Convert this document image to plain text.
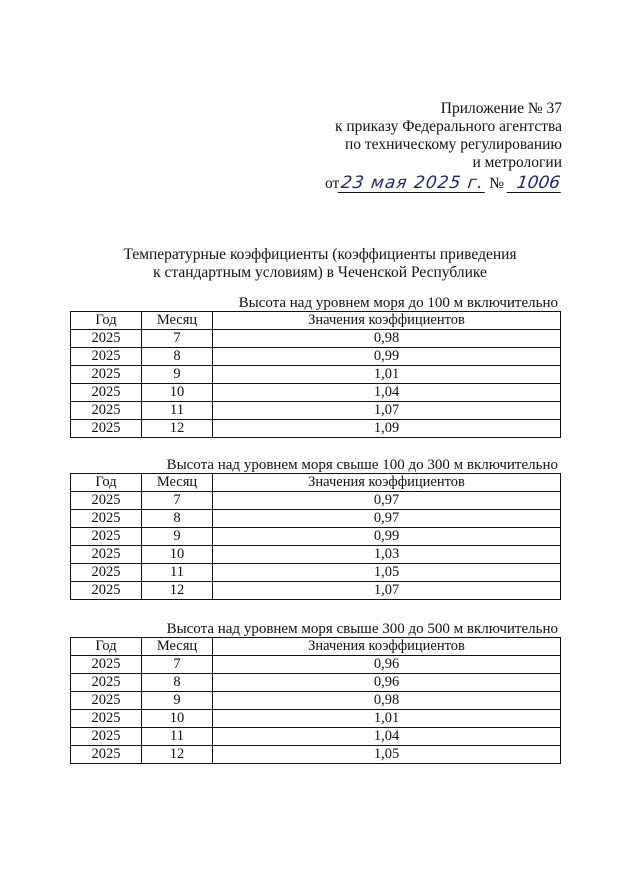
Приложение № 37
к приказу Федерального агентства
по техническому регулированию
и метрологии
от 23 мая 2025 г. № 1006
Температурные коэффициенты (коэффициенты приведения
к стандартным условиям) в Чеченской Республике
Высота над уровнем моря до 100 м включительно
Год	Месяц	Значения коэффициентов
2025	7	0,98
2025	8	0,99
2025	9	1,01
2025	10	1,04
2025	11	1,07
2025	12	1,09
Высота над уровнем моря свыше 100 до 300 м включительно
Год	Месяц	Значения коэффициентов
2025	7	0,97
2025	8	0,97
2025	9	0,99
2025	10	1,03
2025	11	1,05
2025	12	1,07
Высота над уровнем моря свыше 300 до 500 м включительно
Год	Месяц	Значения коэффициентов
2025	7	0,96
2025	8	0,96
2025	9	0,98
2025	10	1,01
2025	11	1,04
2025	12	1,05
